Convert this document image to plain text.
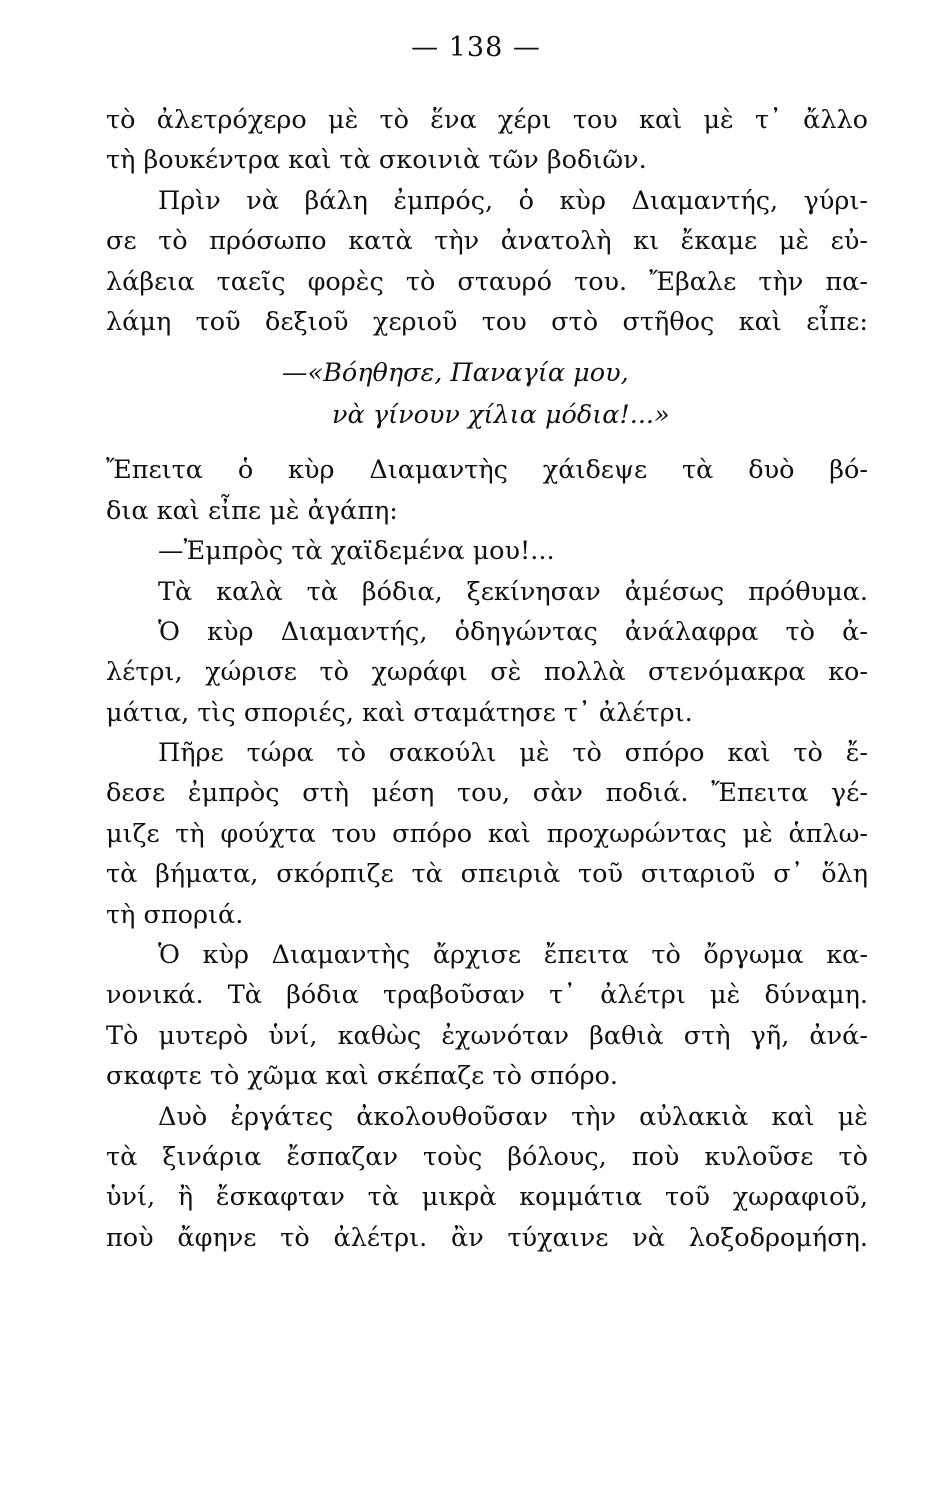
— 138 —
τὸ ἀλετρόχερο μὲ τὸ ἕνα χέρι του καὶ μὲ τ᾽ ἄλλο
τὴ βουκέντρα καὶ τὰ σκοινιὰ τῶν βοδιῶν.
Πρὶν νὰ βάλη ἐμπρός, ὁ κὺρ Διαμαντής, γύρι-
σε τὸ πρόσωπο κατὰ τὴν ἀνατολὴ κι ἔκαμε μὲ εὐ-
λάβεια ταεῖς φορὲς τὸ σταυρό του. Ἔβαλε τὴν πα-
λάμη τοῦ δεξιοῦ χεριοῦ του στὸ στῆθος καὶ εἶπε:
—«Βόηθησε, Παναγία μου,
νὰ γίνουν χίλια μόδια!...»
Ἔπειτα ὁ κὺρ Διαμαντὴς χάιδεψε τὰ δυὸ βό-
δια καὶ εἶπε μὲ ἀγάπη:
—Ἐμπρὸς τὰ χαϊδεμένα μου!...
Τὰ καλὰ τὰ βόδια, ξεκίνησαν ἀμέσως πρόθυμα.
Ὁ κὺρ Διαμαντής, ὁδηγώντας ἀνάλαφρα τὸ ἀ-
λέτρι, χώρισε τὸ χωράφι σὲ πολλὰ στενόμακρα κο-
μάτια, τὶς σποριές, καὶ σταμάτησε τ᾽ ἀλέτρι.
Πῆρε τώρα τὸ σακούλι μὲ τὸ σπόρο καὶ τὸ ἔ-
δεσε ἐμπρὸς στὴ μέση του, σὰν ποδιά. Ἔπειτα γέ-
μιζε τὴ φούχτα του σπόρο καὶ προχωρώντας μὲ ἁπλω-
τὰ βήματα, σκόρπιζε τὰ σπειριὰ τοῦ σιταριοῦ σ᾽ ὅλη
τὴ σποριά.
Ὁ κὺρ Διαμαντὴς ἄρχισε ἔπειτα τὸ ὄργωμα κα-
νονικά. Τὰ βόδια τραβοῦσαν τ᾽ ἀλέτρι μὲ δύναμη.
Τὸ μυτερὸ ὑνί, καθὼς ἐχωνόταν βαθιὰ στὴ γῆ, ἀνά-
σκαφτε τὸ χῶμα καὶ σκέπαζε τὸ σπόρο.
Δυὸ ἐργάτες ἀκολουθοῦσαν τὴν αὐλακιὰ καὶ μὲ
τὰ ξινάρια ἔσπαζαν τοὺς βόλους, ποὺ κυλοῦσε τὸ
ὑνί, ἢ ἔσκαφταν τὰ μικρὰ κομμάτια τοῦ χωραφιοῦ,
ποὺ ἄφηνε τὸ ἀλέτρι. ἂν τύχαινε νὰ λοξοδρομήση.
